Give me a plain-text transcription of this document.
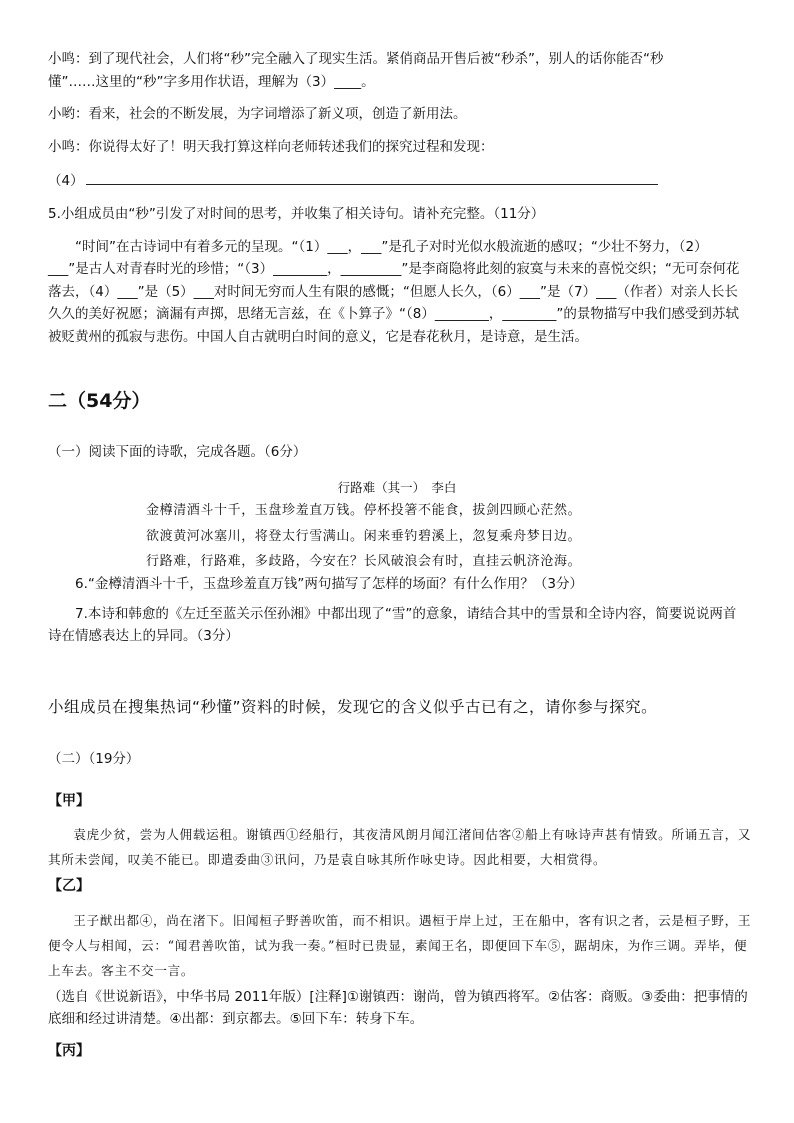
小鸣：到了现代社会，人们将“秒”完全融入了现实生活。紧俏商品开售后被“秒杀”，别人的话你能否“秒
懂”……这里的“秒”字多用作状语，理解为（3）____。
小哟：看来，社会的不断发展，为字词增添了新义项，创造了新用法。
小鸣：你说得太好了！明天我打算这样向老师转述我们的探究过程和发现：
（4）
5.小组成员由“秒”引发了对时间的思考，并收集了相关诗句。请补充完整。（11分）
“时间”在古诗词中有着多元的呈现。“（1）___，___”是孔子对时光似水般流逝的感叹；“少壮不努力，（2）___”是古人对青春时光的珍惜；“（3）________，_________”是李商隐将此刻的寂寞与未来的喜悦交织；“无可奈何花落去，（4）___”是（5）___对时间无穷而人生有限的感慨；“但愿人长久，（6）___”是（7）___（作者）对亲人长长久久的美好祝愿；滴漏有声掷，思绪无言兹，在《卜算子》“（8）________，________”的景物描写中我们感受到苏轼被贬黄州的孤寂与悲伤。中国人自古就明白时间的意义，它是春花秋月，是诗意，是生活。
二（54分）
（一）阅读下面的诗歌，完成各题。（6分）
行路难（其一）　李白
金樽清酒斗十千，玉盘珍羞直万钱。停杯投箸不能食，拔剑四顾心茫然。
欲渡黄河冰塞川，将登太行雪满山。闲来垂钓碧溪上，忽复乘舟梦日边。
行路难，行路难，多歧路，今安在？长风破浪会有时，直挂云帆济沧海。
6.“金樽清酒斗十千，玉盘珍羞直万钱”两句描写了怎样的场面？有什么作用？（3分）
7.本诗和韩愈的《左迁至蓝关示侄孙湘》中都出现了“雪”的意象，请结合其中的雪景和全诗内容，简要说说两首诗在情感表达上的异同。（3分）
小组成员在搜集热词“秒懂”资料的时候，发现它的含义似乎古已有之，请你参与探究。
（二）（19分）
【甲】
袁虎少贫，尝为人佣载运租。谢镇西①经船行，其夜清风朗月闻江渚间估客②船上有咏诗声甚有情致。所诵五言，又其所未尝闻，叹美不能已。即遣委曲③讯问，乃是袁自咏其所作咏史诗。因此相要，大相赏得。
【乙】
王子猷出都④，尚在渚下。旧闻桓子野善吹笛，而不相识。遇桓于岸上过，王在船中，客有识之者，云是桓子野，王便令人与相闻，云：“闻君善吹笛，试为我一奏。”桓时已贵显，素闻王名，即便回下车⑤，踞胡床，为作三调。弄毕，便上车去。客主不交一言。
（选自《世说新语》，中华书局 2011年版）[注释]①谢镇西：谢尚，曾为镇西将军。②估客：商贩。③委曲：把事情的底细和经过讲清楚。④出都：到京都去。⑤回下车：转身下车。
【丙】
